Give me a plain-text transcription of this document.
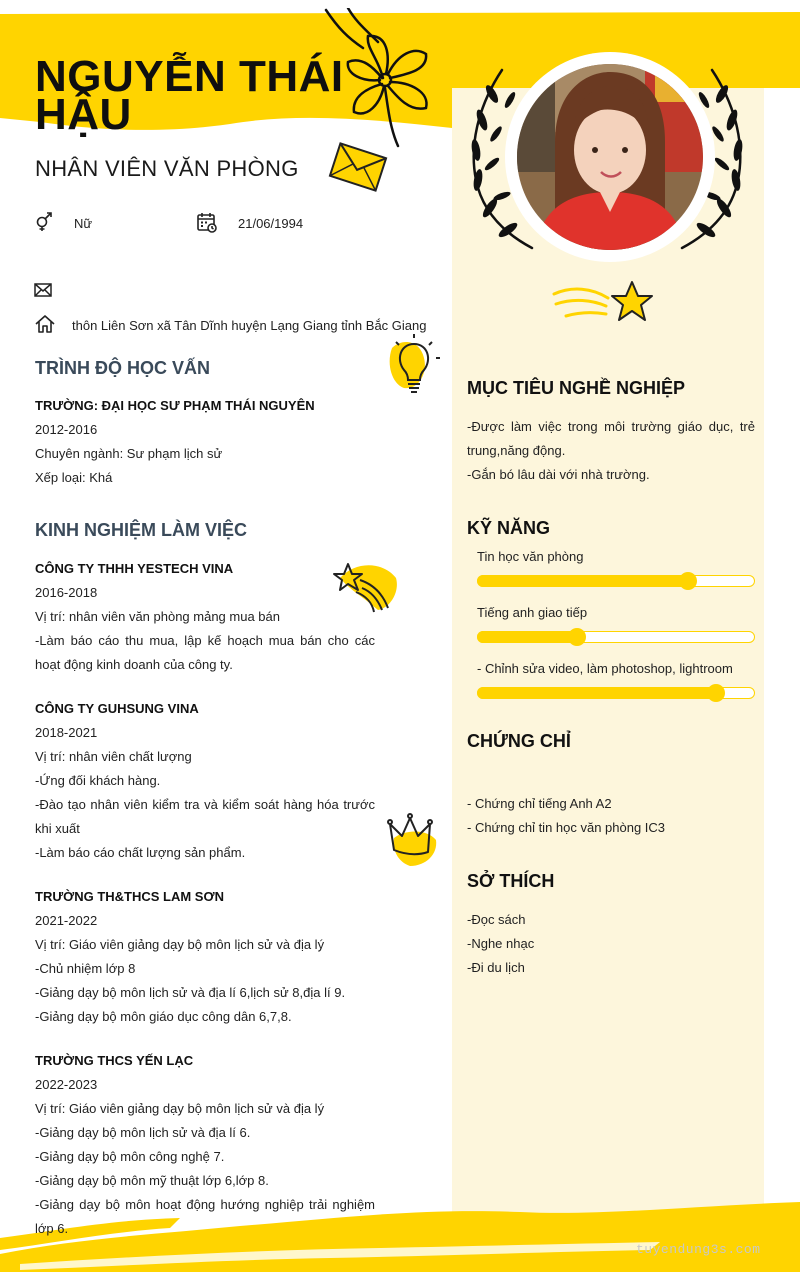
NGUYỄN THÁI HẬU
NHÂN VIÊN VĂN PHÒNG
Nữ	21/06/1994
thôn Liên Sơn xã Tân Dĩnh huyện Lạng Giang tỉnh Bắc Giang
TRÌNH ĐỘ HỌC VẤN
TRƯỜNG: ĐẠI HỌC SƯ PHẠM THÁI NGUYÊN
2012-2016
Chuyên ngành: Sư phạm lịch sử
Xếp loại: Khá
KINH NGHIỆM LÀM VIỆC
CÔNG TY THHH YESTECH VINA
2016-2018
Vị trí: nhân viên văn phòng mảng mua bán
-Làm báo cáo thu mua, lập kế hoạch mua bán cho các hoạt động kinh doanh của công ty.
CÔNG TY GUHSUNG VINA
2018-2021
Vị trí: nhân viên chất lượng
-Ứng đối khách hàng.
-Đào tạo nhân viên kiểm tra và kiểm soát hàng hóa trước khi xuất
-Làm báo cáo chất lượng sản phẩm.
TRƯỜNG TH&THCS LAM SƠN
2021-2022
Vị trí: Giáo viên giảng dạy bộ môn lịch sử và địa lý
-Chủ nhiệm lớp 8
-Giảng dạy bộ môn lịch sử và địa lí 6,lịch sử 8,địa lí 9.
-Giảng dạy bộ môn giáo dục công dân 6,7,8.
TRƯỜNG THCS YẾN LẠC
2022-2023
Vị trí: Giáo viên giảng dạy bộ môn lịch sử và địa lý
-Giảng dạy bộ môn lịch sử và địa lí 6.
-Giảng dạy bộ môn công nghệ 7.
-Giảng dạy bộ môn mỹ thuật lớp 6,lớp 8.
-Giảng dạy bộ môn hoạt động hướng nghiệp trải nghiệm lớp 6.
MỤC TIÊU NGHỀ NGHIỆP
-Được làm việc trong môi trường giáo dục, trẻ trung,năng động.
-Gắn bó lâu dài với nhà trường.
KỸ NĂNG
Tin học văn phòng
Tiếng anh giao tiếp
- Chỉnh sửa video, làm photoshop, lightroom
CHỨNG CHỈ
- Chứng chỉ tiếng Anh A2
- Chứng chỉ tin học văn phòng IC3
SỞ THÍCH
-Đọc sách
-Nghe nhạc
-Đi du lịch
tuyendung3s.com
